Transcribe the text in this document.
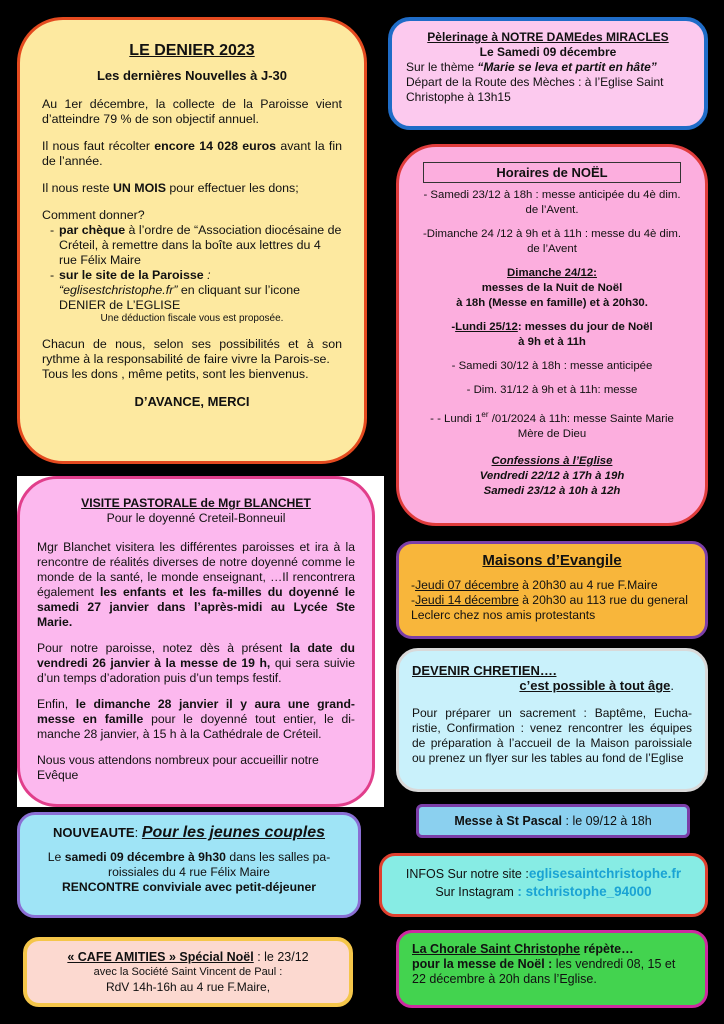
LE DENIER 2023

Les dernières Nouvelles à J-30

Au 1er décembre, la collecte de la Paroisse vient d’atteindre 79 % de son objectif annuel.

Il nous faut récolter encore 14 028 euros avant la fin de l’année.

Il nous reste UN MOIS pour effectuer les dons;

Comment donner?

- par chèque à l’ordre de “Association diocésaine de Créteil, à remettre dans la boîte aux lettres du 4 rue Félix Maire
- sur le site de la Paroisse :
“eglisestchristophe.fr” en cliquant sur l’icone DENIER de L’EGLISE

Une déduction fiscale vous est proposée.

Chacun de nous, selon ses possibilités et à son rythme à la responsabilité de faire vivre la Parois-se.

Tous les dons , même petits, sont les bienvenus.

D’AVANCE, MERCI

Pèlerinage à NOTRE DAMEdes MIRACLES

Le Samedi 09 décembre

Sur le thème “Marie se leva et partit en hâte”

Départ de la Route des Mèches : à l’Eglise Saint Christophe à 13h15

Horaires de NOËL

- Samedi 23/12 à 18h : messe anticipée du 4è dim. de l’Avent.

-Dimanche 24 /12 à 9h et à 11h : messe du 4è dim. de l’Avent

Dimanche 24/12:
messes de la Nuit de Noël
à 18h (Messe en famille) et à 20h30.

-Lundi 25/12: messes du jour de Noël
à 9h et à 11h

- Samedi 30/12 à 18h : messe anticipée

- Dim. 31/12 à 9h et à 11h: messe

- - Lundi 1er /01/2024 à 11h: messe Sainte Marie Mère de Dieu

Confessions à l’Eglise

Vendredi 22/12 à 17h à 19h

Samedi 23/12 à 10h à 12h

VISITE PASTORALE de Mgr BLANCHET

Pour le doyenné Creteil-Bonneuil

Mgr Blanchet visitera les différentes paroisses et ira à la rencontre de réalités diverses de notre doyenné comme le monde de la santé, le monde enseignant, …Il rencontrera également les enfants et les fa-milles du doyenné le samedi 27 janvier dans l’après-midi au Lycée Ste Marie.

Pour notre paroisse, notez dès à présent la date du vendredi 26 janvier à la messe de 19 h, qui sera suivie d’un temps d’adoration puis d’un temps festif.

Enfin, le dimanche 28 janvier il y aura une grand-messe en famille pour le doyenné tout entier, le di-manche 28 janvier, à 15 h à la Cathédrale de Créteil.

Nous vous attendons nombreux pour accueillir notre Evêque

Maisons d’Evangile

-Jeudi 07 décembre à 20h30 au 4 rue F.Maire

-Jeudi 14 décembre à 20h30 au 113 rue du general Leclerc chez nos amis protestants

DEVENIR CHRETIEN….

c’est possible à tout âge.

Pour préparer un sacrement : Baptême, Eucha-ristie, Confirmation : venez rencontrer les équipes de préparation à l’accueil de la Maison paroissiale ou prenez un flyer sur les tables au fond de l’Eglise

Messe à St Pascal : le 09/12 à 18h

NOUVEAUTE: Pour les jeunes couples

Le samedi 09 décembre à 9h30 dans les salles pa-roissiales du 4 rue Félix Maire

RENCONTRE conviviale avec petit-déjeuner

INFOS Sur notre site :eglisesaintchristophe.fr

Sur Instagram : stchristophe_94000

« CAFE AMITIES » Spécial Noël : le 23/12

avec la Société Saint Vincent de Paul :

RdV 14h-16h au 4 rue F.Maire,

La Chorale Saint Christophe répète…

pour la messe de Noël : les vendredi 08, 15 et 22 décembre à 20h dans l’Eglise.
